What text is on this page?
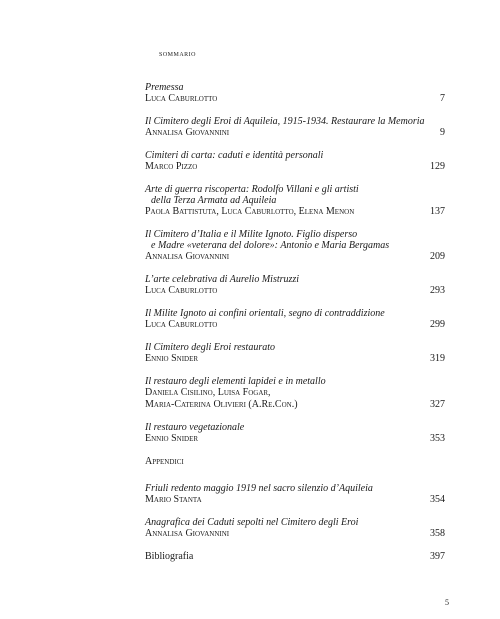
sommario
Premessa
Luca Caburlotto	7
Il Cimitero degli Eroi di Aquileia, 1915-1934. Restaurare la Memoria
Annalisa Giovannini	9
Cimiteri di carta: caduti e identità personali
Marco Pizzo	129
Arte di guerra riscoperta: Rodolfo Villani e gli artisti
della Terza Armata ad Aquileia
Paola Battistuta, Luca Caburlotto, Elena Menon	137
Il Cimitero d’Italia e il Milite Ignoto. Figlio disperso
e Madre «veterana del dolore»: Antonio e Maria Bergamas
Annalisa Giovannini	209
L’arte celebrativa di Aurelio Mistruzzi
Luca Caburlotto	293
Il Milite Ignoto ai confini orientali, segno di contraddizione
Luca Caburlotto	299
Il Cimitero degli Eroi restaurato
Ennio Snider	319
Il restauro degli elementi lapidei e in metallo
Daniela Cisilino, Luisa Fogar,
Maria-Caterina Olivieri (A.Re.Con.)	327
Il restauro vegetazionale
Ennio Snider	353
Appendici
Friuli redento maggio 1919 nel sacro silenzio d’Aquileia
Mario Stanta	354
Anagrafica dei Caduti sepolti nel Cimitero degli Eroi
Annalisa Giovannini	358
Bibliografia	397
5
